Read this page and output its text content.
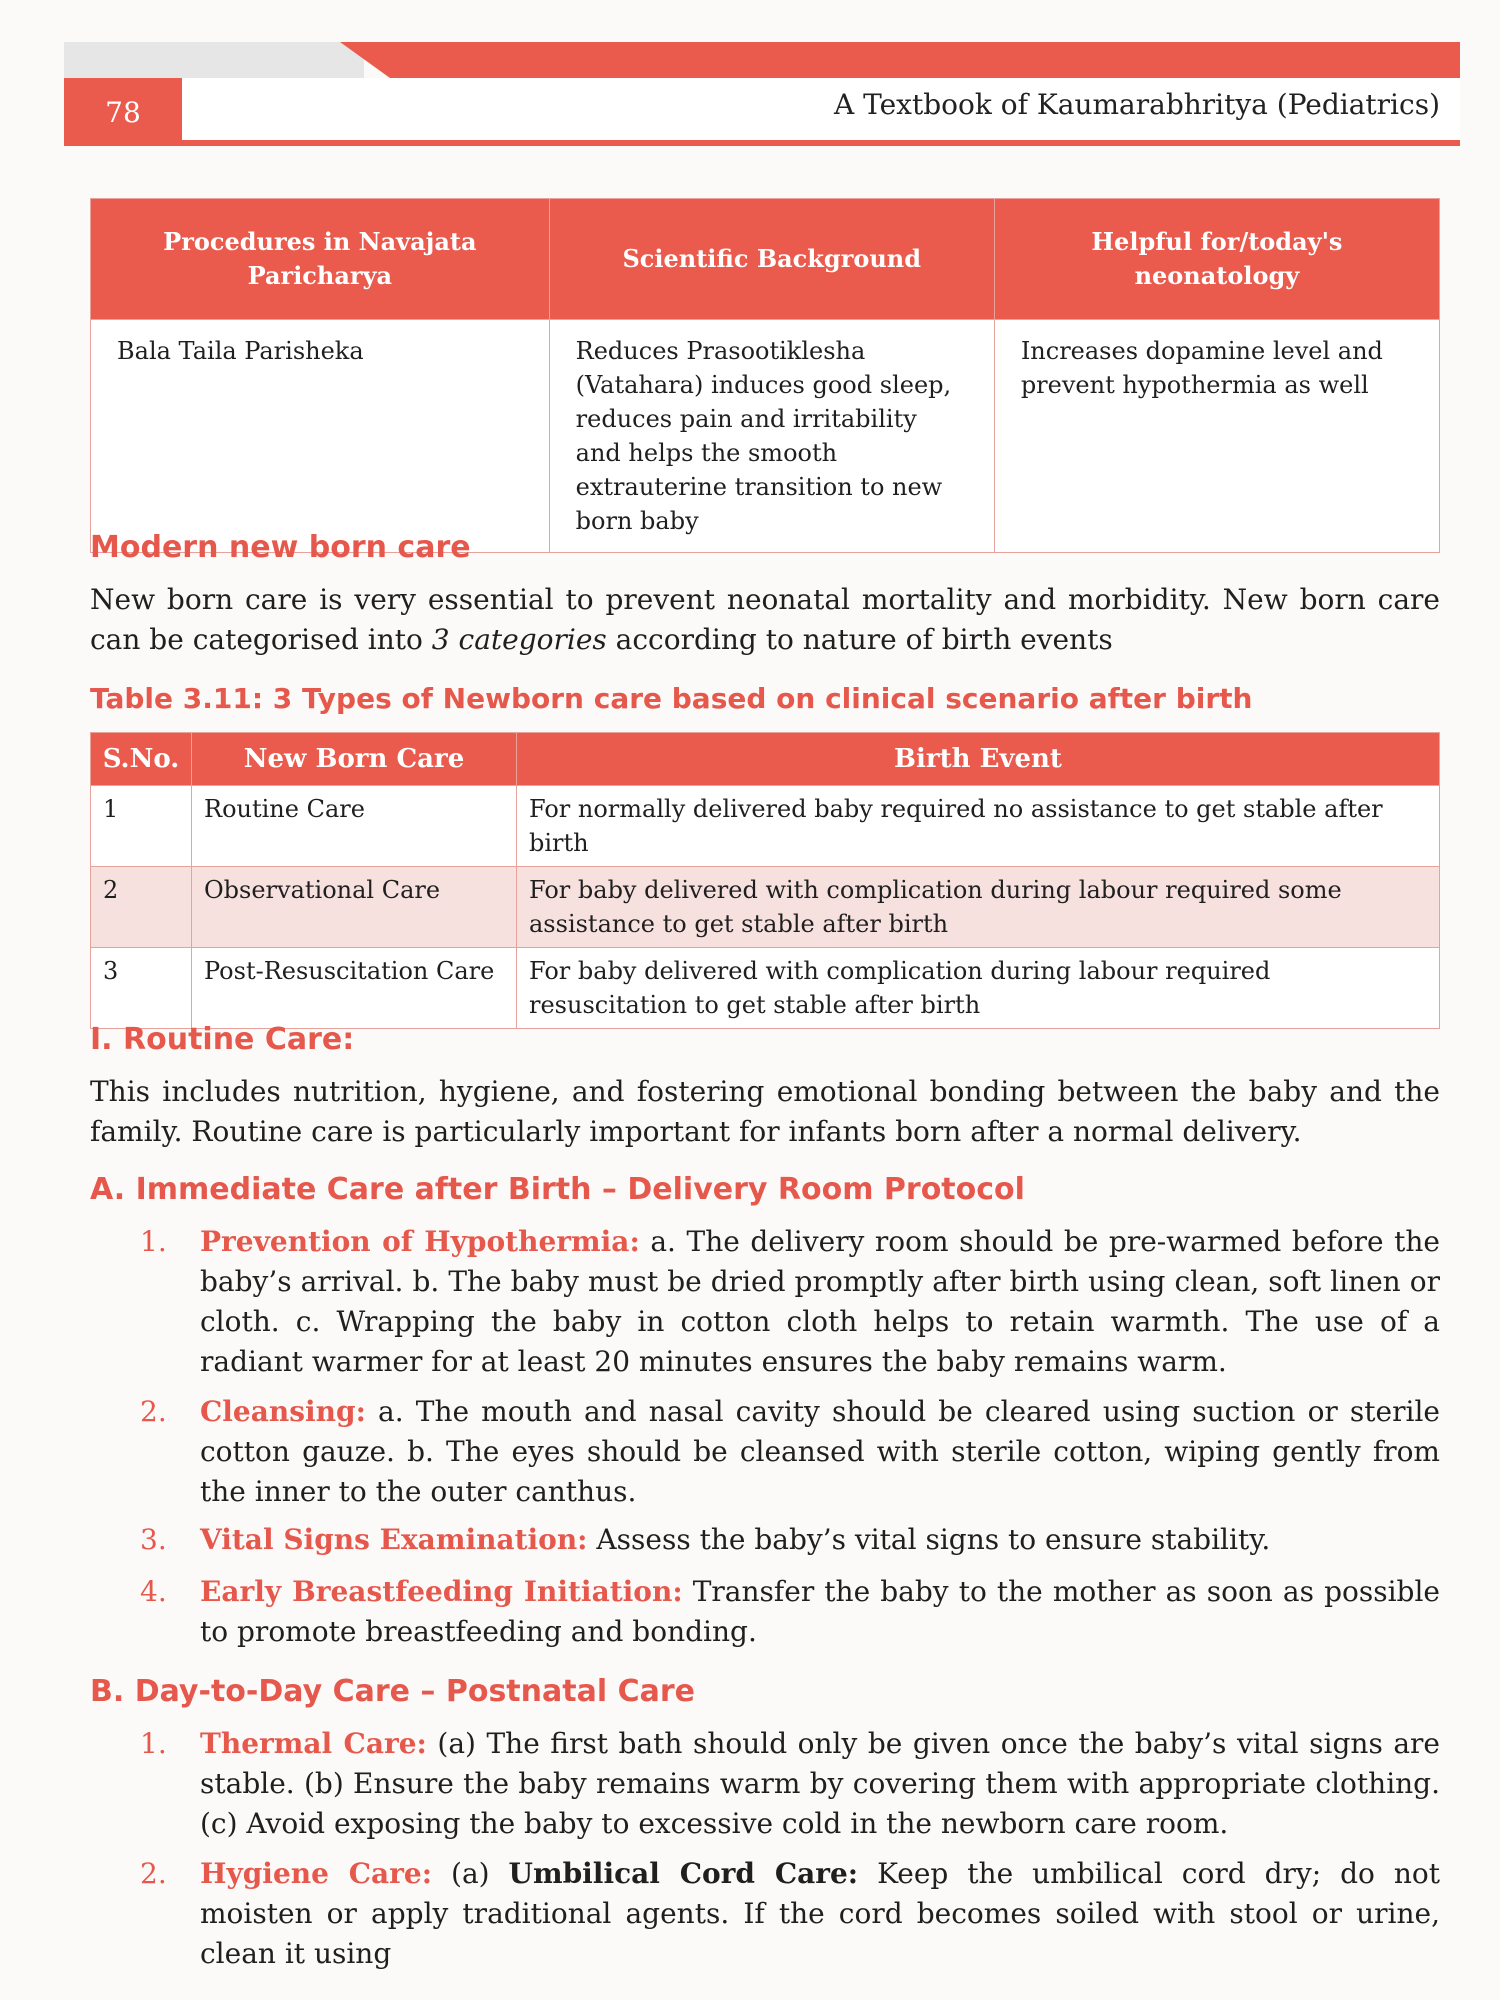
78	A Textbook of Kaumarabhritya (Pediatrics)
Procedures in Navajata Paricharya	Scientific Background	Helpful for/today's neonatology
Bala Taila Parisheka	Reduces Prasootiklesha (Vatahara) induces good sleep, reduces pain and irritability and helps the smooth extrauterine transition to new born baby	Increases dopamine level and prevent hypothermia as well
Modern new born care
New born care is very essential to prevent neonatal mortality and morbidity. New born care can be categorised into 3 categories according to nature of birth events
Table 3.11: 3 Types of Newborn care based on clinical scenario after birth
S.No.	New Born Care	Birth Event
1	Routine Care	For normally delivered baby required no assistance to get stable after birth
2	Observational Care	For baby delivered with complication during labour required some assistance to get stable after birth
3	Post-Resuscitation Care	For baby delivered with complication during labour required resuscitation to get stable after birth
I. Routine Care:
This includes nutrition, hygiene, and fostering emotional bonding between the baby and the family. Routine care is particularly important for infants born after a normal delivery.
A. Immediate Care after Birth – Delivery Room Protocol
1.	Prevention of Hypothermia: a. The delivery room should be pre-warmed before the baby’s arrival. b. The baby must be dried promptly after birth using clean, soft linen or cloth. c. Wrapping the baby in cotton cloth helps to retain warmth. The use of a radiant warmer for at least 20 minutes ensures the baby remains warm.
2.	Cleansing: a. The mouth and nasal cavity should be cleared using suction or sterile cotton gauze. b. The eyes should be cleansed with sterile cotton, wiping gently from the inner to the outer canthus.
3.	Vital Signs Examination: Assess the baby’s vital signs to ensure stability.
4.	Early Breastfeeding Initiation: Transfer the baby to the mother as soon as possible to promote breastfeeding and bonding.
B. Day-to-Day Care – Postnatal Care
1.	Thermal Care: (a) The first bath should only be given once the baby’s vital signs are stable. (b) Ensure the baby remains warm by covering them with appropriate clothing. (c) Avoid exposing the baby to excessive cold in the newborn care room.
2.	Hygiene Care: (a) Umbilical Cord Care: Keep the umbilical cord dry; do not moisten or apply traditional agents. If the cord becomes soiled with stool or urine, clean it using
